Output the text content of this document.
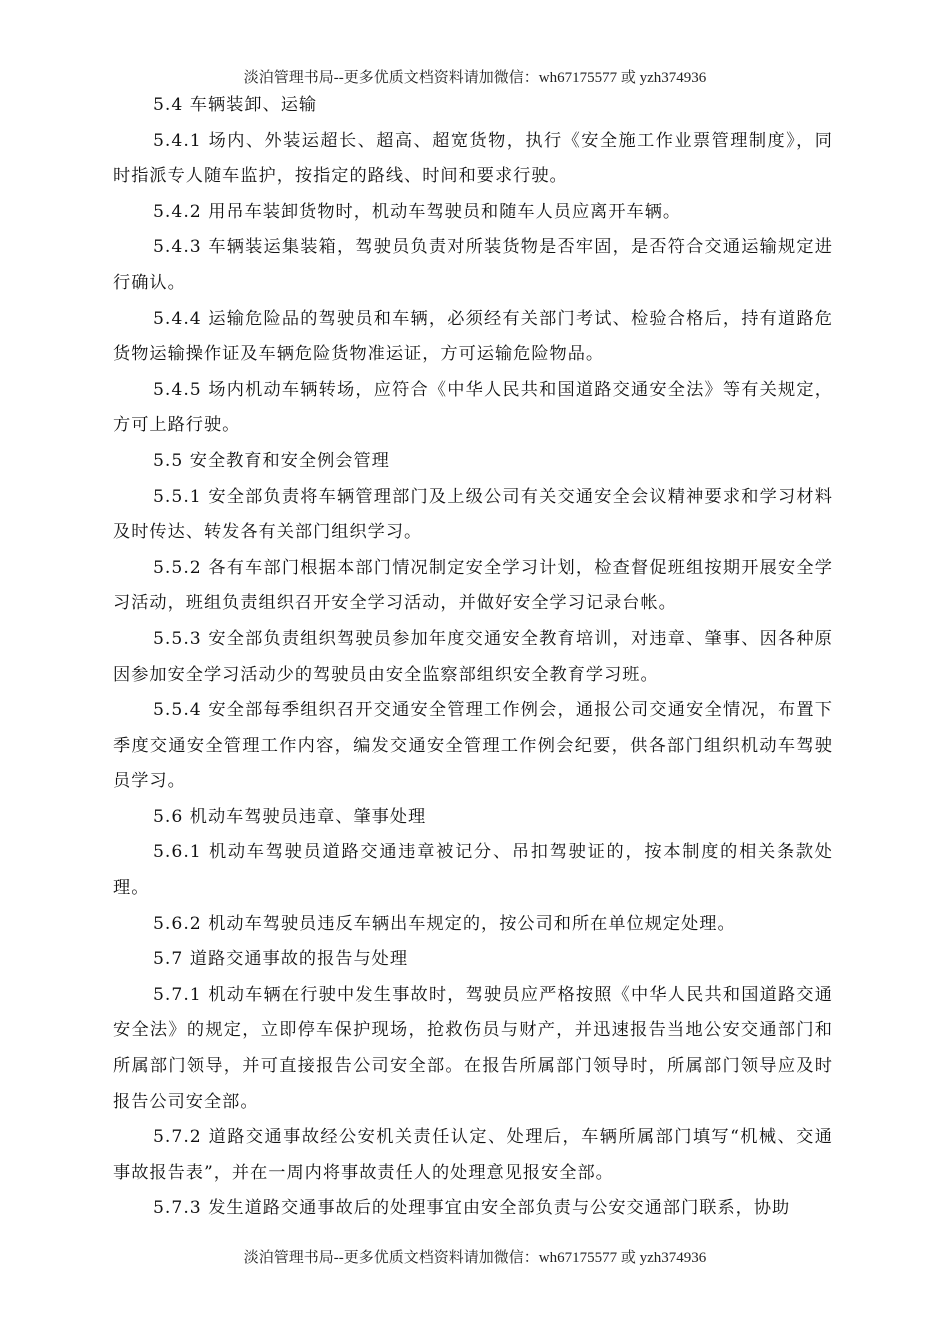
淡泊管理书局--更多优质文档资料请加微信：wh67175577 或 yzh374936

5.4 车辆装卸、运输

5.4.1 场内、外装运超长、超高、超宽货物，执行《安全施工作业票管理制度》，同时指派专人随车监护，按指定的路线、时间和要求行驶。

5.4.2 用吊车装卸货物时，机动车驾驶员和随车人员应离开车辆。

5.4.3 车辆装运集装箱，驾驶员负责对所装货物是否牢固，是否符合交通运输规定进行确认。

5.4.4 运输危险品的驾驶员和车辆，必须经有关部门考试、检验合格后，持有道路危货物运输操作证及车辆危险货物准运证，方可运输危险物品。

5.4.5 场内机动车辆转场，应符合《中华人民共和国道路交通安全法》等有关规定，方可上路行驶。

5.5 安全教育和安全例会管理

5.5.1 安全部负责将车辆管理部门及上级公司有关交通安全会议精神要求和学习材料及时传达、转发各有关部门组织学习。

5.5.2 各有车部门根据本部门情况制定安全学习计划，检查督促班组按期开展安全学习活动，班组负责组织召开安全学习活动，并做好安全学习记录台帐。

5.5.3 安全部负责组织驾驶员参加年度交通安全教育培训，对违章、肇事、因各种原因参加安全学习活动少的驾驶员由安全监察部组织安全教育学习班。

5.5.4 安全部每季组织召开交通安全管理工作例会，通报公司交通安全情况，布置下季度交通安全管理工作内容，编发交通安全管理工作例会纪要，供各部门组织机动车驾驶员学习。

5.6 机动车驾驶员违章、肇事处理

5.6.1 机动车驾驶员道路交通违章被记分、吊扣驾驶证的，按本制度的相关条款处理。

5.6.2 机动车驾驶员违反车辆出车规定的，按公司和所在单位规定处理。

5.7 道路交通事故的报告与处理

5.7.1 机动车辆在行驶中发生事故时，驾驶员应严格按照《中华人民共和国道路交通安全法》的规定，立即停车保护现场，抢救伤员与财产，并迅速报告当地公安交通部门和所属部门领导，并可直接报告公司安全部。在报告所属部门领导时，所属部门领导应及时报告公司安全部。

5.7.2 道路交通事故经公安机关责任认定、处理后，车辆所属部门填写“机械、交通事故报告表”，并在一周内将事故责任人的处理意见报安全部。

5.7.3 发生道路交通事故后的处理事宜由安全部负责与公安交通部门联系，协助

淡泊管理书局--更多优质文档资料请加微信：wh67175577 或 yzh374936
